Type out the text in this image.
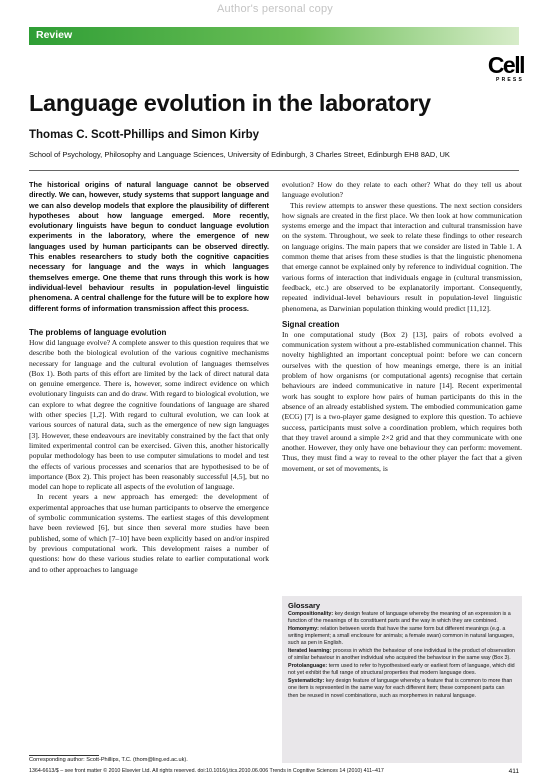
Author's personal copy
Review
Cell
PRESS
Language evolution in the laboratory
Thomas C. Scott-Phillips and Simon Kirby
School of Psychology, Philosophy and Language Sciences, University of Edinburgh, 3 Charles Street, Edinburgh EH8 8AD, UK
The historical origins of natural language cannot be observed directly. We can, however, study systems that support language and we can also develop models that explore the plausibility of different hypotheses about how language emerged. More recently, evolutionary linguists have begun to conduct language evolution experiments in the laboratory, where the emergence of new languages used by human participants can be observed directly. This enables researchers to study both the cognitive capacities necessary for language and the ways in which languages themselves emerge. One theme that runs through this work is how individual-level behaviour results in population-level linguistic phenomena. A central challenge for the future will be to explore how different forms of information transmission affect this process.

The problems of language evolution

How did language evolve? A complete answer to this question requires that we describe both the biological evolution of the various cognitive mechanisms necessary for language and the cultural evolution of languages themselves (Box 1). Both parts of this effort are limited by the lack of direct natural data on genuine emergence. There is, however, some indirect evidence on which evolutionary linguists can and do draw. With regard to biological evolution, we can explore to what degree the cognitive foundations of language are shared with other species [1,2]. With regard to cultural evolution, we can look at various sources of natural data, such as the emergence of new sign languages [3]. However, these endeavours are inevitably constrained by the fact that only limited experimental control can be exercised. Given this, another historically popular methodology has been to use computer simulations to model and test the effects of various processes and scenarios that are hypothesised to be of importance (Box 2). This project has been reasonably successful [4,5], but no model can hope to replicate all aspects of the evolution of language.

In recent years a new approach has emerged: the development of experimental approaches that use human participants to observe the emergence of symbolic communication systems. The earliest stages of this development have been reviewed [6], but since then several more studies have been published, some of which [7–10] have been explicitly based on and/or inspired by previous computational work. This development raises a number of questions: how do these various studies relate to earlier computational work and to other approaches to language

evolution? How do they relate to each other? What do they tell us about language evolution?

This review attempts to answer these questions. The next section considers how signals are created in the first place. We then look at how communication systems emerge and the impact that interaction and cultural transmission have on the system. Throughout, we seek to relate these findings to other research on language origins. The main papers that we consider are listed in Table 1. A common theme that arises from these studies is that the linguistic phenomena that emerge cannot be explained only by reference to individual cognition. The various forms of interaction that individuals engage in (cultural transmission, feedback, etc.) are observed to be explanatorily important. Consequently, repeated individual-level behaviours result in population-level linguistic phenomena, as Darwinian population thinking would predict [11,12].

Signal creation

In one computational study (Box 2) [13], pairs of robots evolved a communication system without a pre-established communication channel. This novelty highlighted an important conceptual point: before we can concern ourselves with the question of how meanings emerge, there is an initial problem of how organisms (or computational agents) recognise that certain behaviours are indeed communicative in nature [14]. Recent experimental work has sought to explore how pairs of human participants do this in the absence of an already established system. The embodied communication game (ECG) [7] is a two-player game designed to explore this question. To achieve success, participants must solve a coordination problem, which requires both that they travel around a simple 2×2 grid and that they communicate with one another. However, they only have one behaviour they can perform: movement. Thus, they must find a way to reveal to the other player the fact that a given movement, or set of movements, is

Glossary

Compositionality: key design feature of language whereby the meaning of an expression is a function of the meanings of its constituent parts and the way in which they are combined.

Homonymy: relation between words that have the same form but different meanings (e.g. a writing implement; a small enclosure for animals; a female swan) common in natural languages, such as pen in English.

Iterated learning: process in which the behaviour of one individual is the product of observation of similar behaviour in another individual who acquired the behaviour in the same way (Box 3).

Protolanguage: term used to refer to hypothesised early or earliest form of language, which did not yet exhibit the full range of structural properties that modern language does.

Systematicity: key design feature of language whereby a feature that is common to more than one item is represented in the same way for each different item; these component parts can then be reused in novel combinations, such as morphemes in natural language.

Corresponding author: Scott-Phillips, T.C. (thom@ling.ed.ac.uk).
1364-6613/$ – see front matter © 2010 Elsevier Ltd. All rights reserved. doi:10.1016/j.tics.2010.06.006 Trends in Cognitive Sciences 14 (2010) 411–417	411
